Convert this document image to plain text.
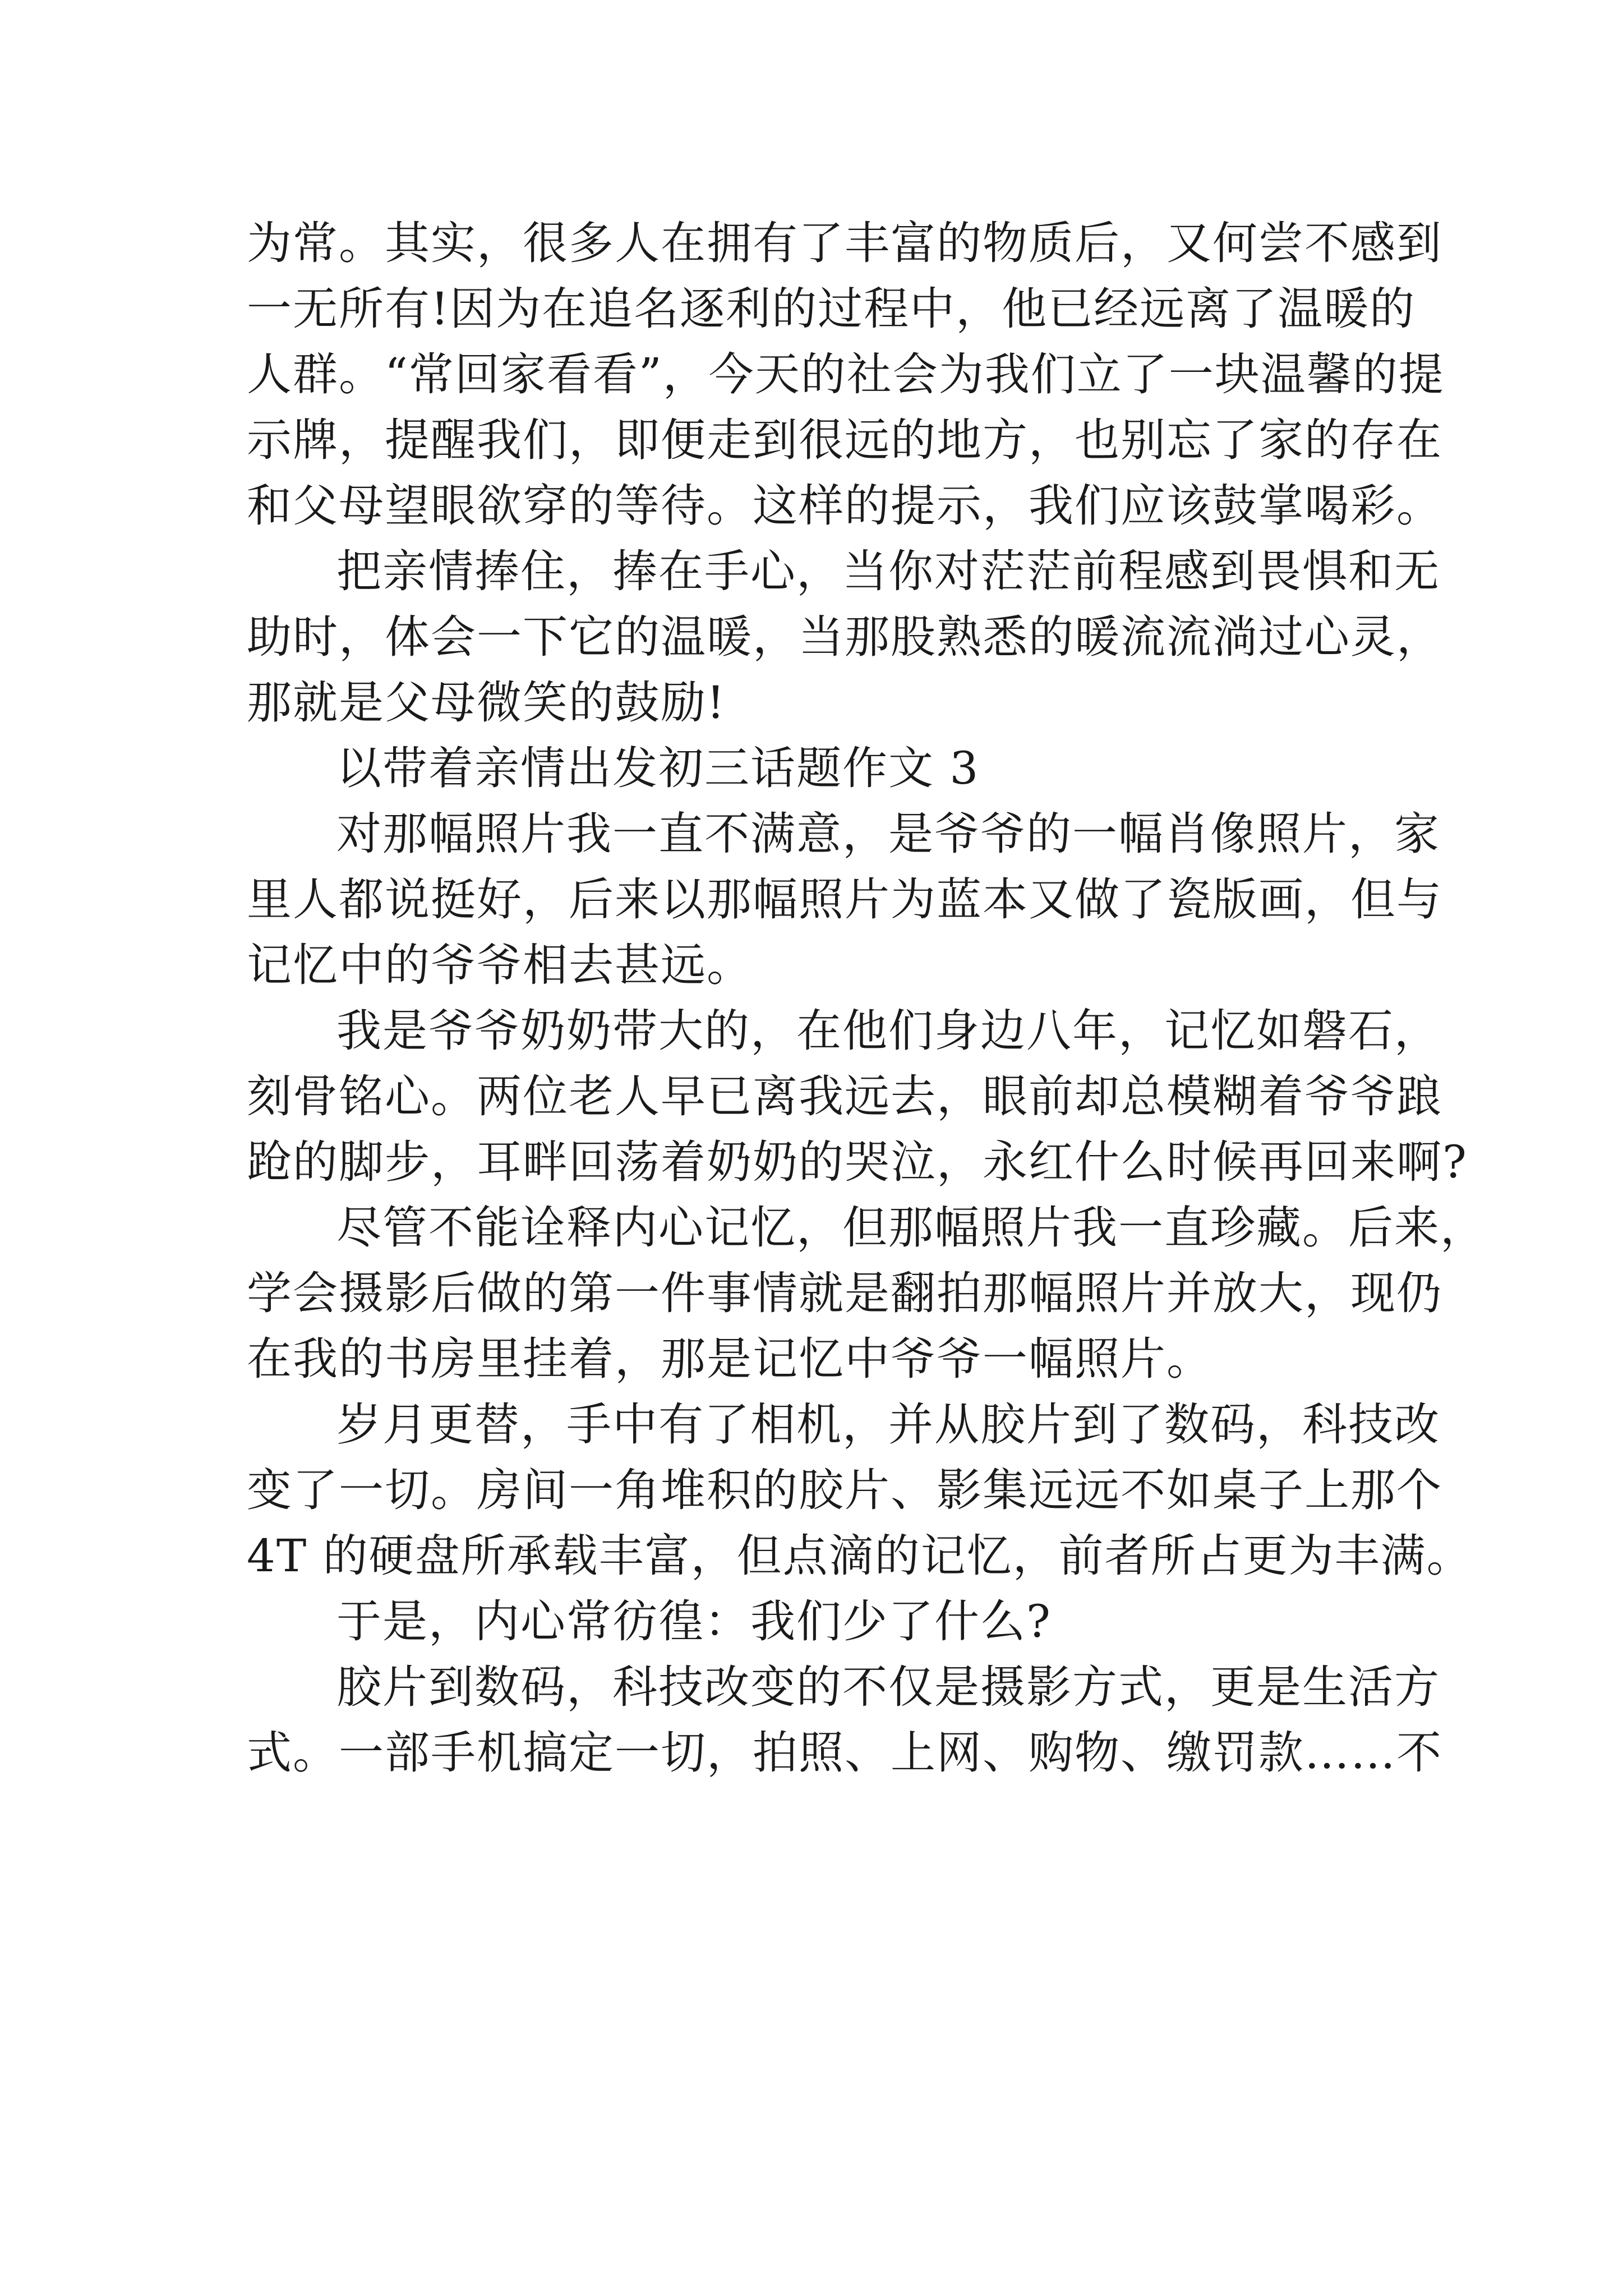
为常。其实，很多人在拥有了丰富的物质后，又何尝不感到
一无所有!因为在追名逐利的过程中，他已经远离了温暖的
人群。“常回家看看”，今天的社会为我们立了一块温馨的提
示牌，提醒我们，即便走到很远的地方，也别忘了家的存在
和父母望眼欲穿的等待。这样的提示，我们应该鼓掌喝彩。
把亲情捧住，捧在手心，当你对茫茫前程感到畏惧和无
助时，体会一下它的温暖，当那股熟悉的暖流流淌过心灵，
那就是父母微笑的鼓励!
以带着亲情出发初三话题作文 3
对那幅照片我一直不满意，是爷爷的一幅肖像照片，家
里人都说挺好，后来以那幅照片为蓝本又做了瓷版画，但与
记忆中的爷爷相去甚远。
我是爷爷奶奶带大的，在他们身边八年，记忆如磐石，
刻骨铭心。两位老人早已离我远去，眼前却总模糊着爷爷踉
跄的脚步，耳畔回荡着奶奶的哭泣，永红什么时候再回来啊?
尽管不能诠释内心记忆，但那幅照片我一直珍藏。后来，
学会摄影后做的第一件事情就是翻拍那幅照片并放大，现仍
在我的书房里挂着，那是记忆中爷爷一幅照片。
岁月更替，手中有了相机，并从胶片到了数码，科技改
变了一切。房间一角堆积的胶片、影集远远不如桌子上那个
4T 的硬盘所承载丰富，但点滴的记忆，前者所占更为丰满。
于是，内心常彷徨：我们少了什么?
胶片到数码，科技改变的不仅是摄影方式，更是生活方
式。一部手机搞定一切，拍照、上网、购物、缴罚款……不
